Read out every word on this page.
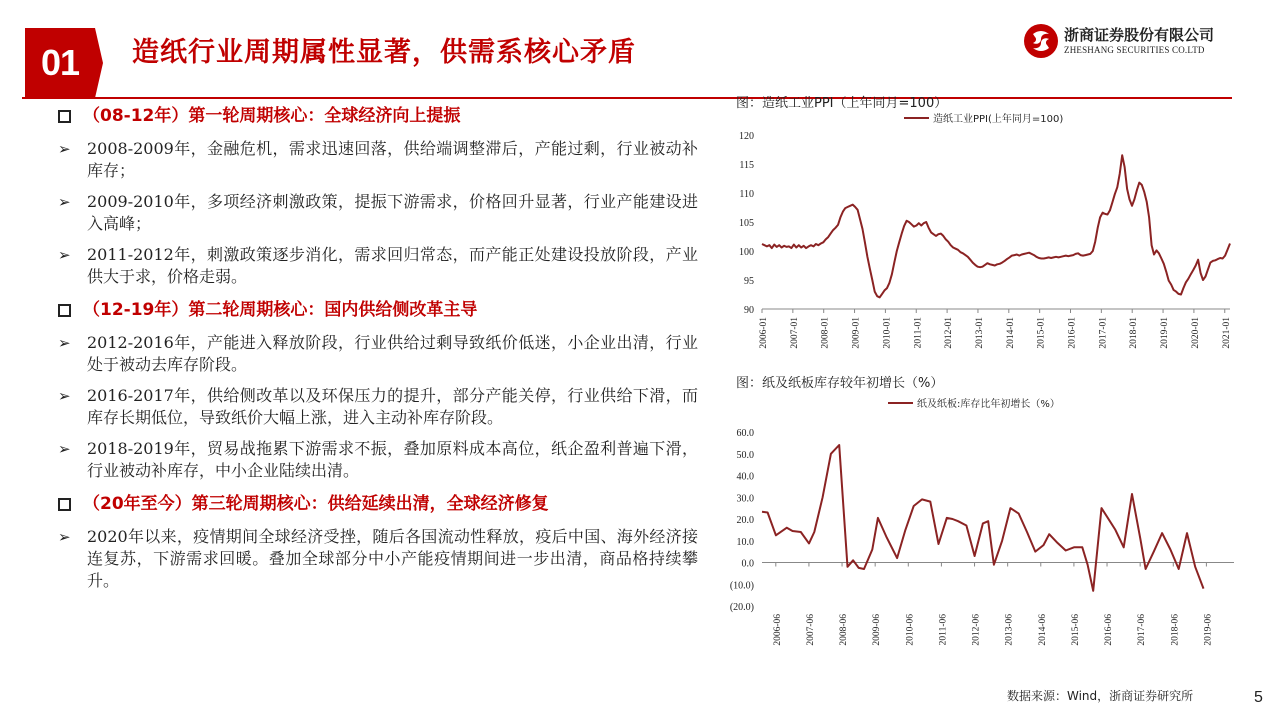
01 造纸行业周期属性显著，供需系核心矛盾
浙商证券股份有限公司
ZHESHANG SECURITIES CO.LTD
（08-12年）第一轮周期核心：全球经济向上提振
➢ 2008-2009年，金融危机，需求迅速回落，供给端调整滞后，产能过剩，行业被动补库存；
➢ 2009-2010年，多项经济刺激政策，提振下游需求，价格回升显著，行业产能建设进入高峰；
➢ 2011-2012年，刺激政策逐步消化，需求回归常态，而产能正处建设投放阶段，产业供大于求，价格走弱。
（12-19年）第二轮周期核心：国内供给侧改革主导
➢ 2012-2016年，产能进入释放阶段，行业供给过剩导致纸价低迷，小企业出清，行业处于被动去库存阶段。
➢ 2016-2017年，供给侧改革以及环保压力的提升，部分产能关停，行业供给下滑，而库存长期低位，导致纸价大幅上涨，进入主动补库存阶段。
➢ 2018-2019年，贸易战拖累下游需求不振，叠加原料成本高位，纸企盈利普遍下滑，行业被动补库存，中小企业陆续出清。
（20年至今）第三轮周期核心：供给延续出清，全球经济修复
➢ 2020年以来，疫情期间全球经济受挫，随后各国流动性释放，疫后中国、海外经济接连复苏，下游需求回暖。叠加全球部分中小产能疫情期间进一步出清，商品格持续攀升。
图：造纸工业PPI（上年同月=100）
造纸工业PPI(上年同月=100)
90
95
100
105
110
115
120
2006-01 2007-01 2008-01 2009-01 2010-01 2011-01 2012-01 2013-01 2014-01 2015-01 2016-01 2017-01 2018-01 2019-01 2020-01 2021-01
图：纸及纸板库存较年初增长（%）
纸及纸板:库存比年初增长（%）
(20.0)
(10.0)
0.0
10.0
20.0
30.0
40.0
50.0
60.0
2006-06 2007-06 2008-06 2009-06 2010-06 2011-06 2012-06 2013-06 2014-06 2015-06 2016-06 2017-06 2018-06 2019-06
数据来源：Wind，浙商证券研究所	5
